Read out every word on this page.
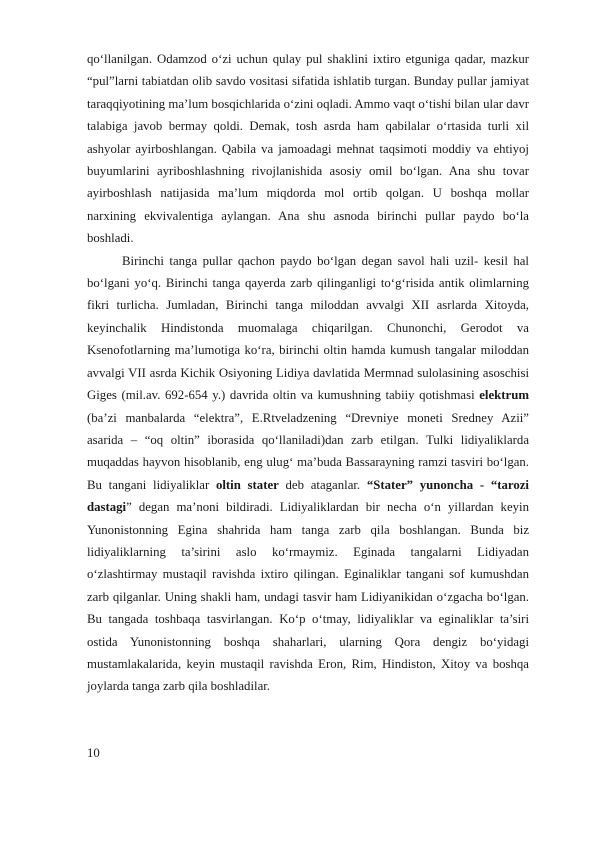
qo‘llanilgan. Odamzod o‘zi uchun qulay pul shaklini ixtiro etguniga qadar, mazkur “pul”larni tabiatdan olib savdo vositasi sifatida ishlatib turgan. Bunday pullar jamiyat taraqqiyotining ma’lum bosqichlarida o‘zini oqladi. Ammo vaqt o‘tishi bilan ular davr talabiga javob bermay qoldi. Demak, tosh asrda ham qabilalar o‘rtasida turli xil ashyolar ayirboshlangan. Qabila va jamoadagi mehnat taqsimoti moddiy va ehtiyoj buyumlarini ayriboshlashning rivojlanishida asosiy omil bo‘lgan. Ana shu tovar ayirboshlash natijasida ma’lum miqdorda mol ortib qolgan. U boshqa mollar narxining ekvivalentiga aylangan. Ana shu asnoda birinchi pullar paydo bo‘la boshladi.

Birinchi tanga pullar qachon paydo bo‘lgan degan savol hali uzil- kesil hal bo‘lgani yo‘q. Birinchi tanga qayerda zarb qilinganligi to‘g‘risida antik olimlarning fikri turlicha. Jumladan, Birinchi tanga miloddan avvalgi XII asrlarda Xitoyda, keyinchalik Hindistonda muomalaga chiqarilgan. Chunonchi, Gerodot va Ksenofotlarning ma’lumotiga ko‘ra, birinchi oltin hamda kumush tangalar miloddan avvalgi VII asrda Kichik Osiyoning Lidiya davlatida Mermnad sulolasining asoschisi Giges (mil.av. 692-654 y.) davrida oltin va kumushning tabiiy qotishmasi elektrum (ba’zi manbalarda “elektra”, E.Rtveladzening “Drevniye moneti Sredney Azii” asarida – “oq oltin” iborasida qo‘llaniladi)dan zarb etilgan. Tulki lidiyaliklarda muqaddas hayvon hisoblanib, eng ulug‘ ma’buda Bassarayning ramzi tasviri bo‘lgan. Bu tangani lidiyaliklar oltin stater deb ataganlar. “Stater” yunoncha - “tarozi dastagi” degan ma’noni bildiradi. Lidiyaliklardan bir necha o‘n yillardan keyin Yunonistonning Egina shahrida ham tanga zarb qila boshlangan. Bunda biz lidiyaliklarning ta’sirini aslo ko‘rmaymiz. Eginada tangalarni Lidiyadan o‘zlashtirmay mustaqil ravishda ixtiro qilingan. Eginaliklar tangani sof kumushdan zarb qilganlar. Uning shakli ham, undagi tasvir ham Lidiyanikidan o‘zgacha bo‘lgan. Bu tangada toshbaqa tasvirlangan. Ko‘p o‘tmay, lidiyaliklar va eginaliklar ta’siri ostida Yunonistonning boshqa shaharlari, ularning Qora dengiz bo‘yidagi mustamlakalarida, keyin mustaqil ravishda Eron, Rim, Hindiston, Xitoy va boshqa joylarda tanga zarb qila boshladilar.

10
